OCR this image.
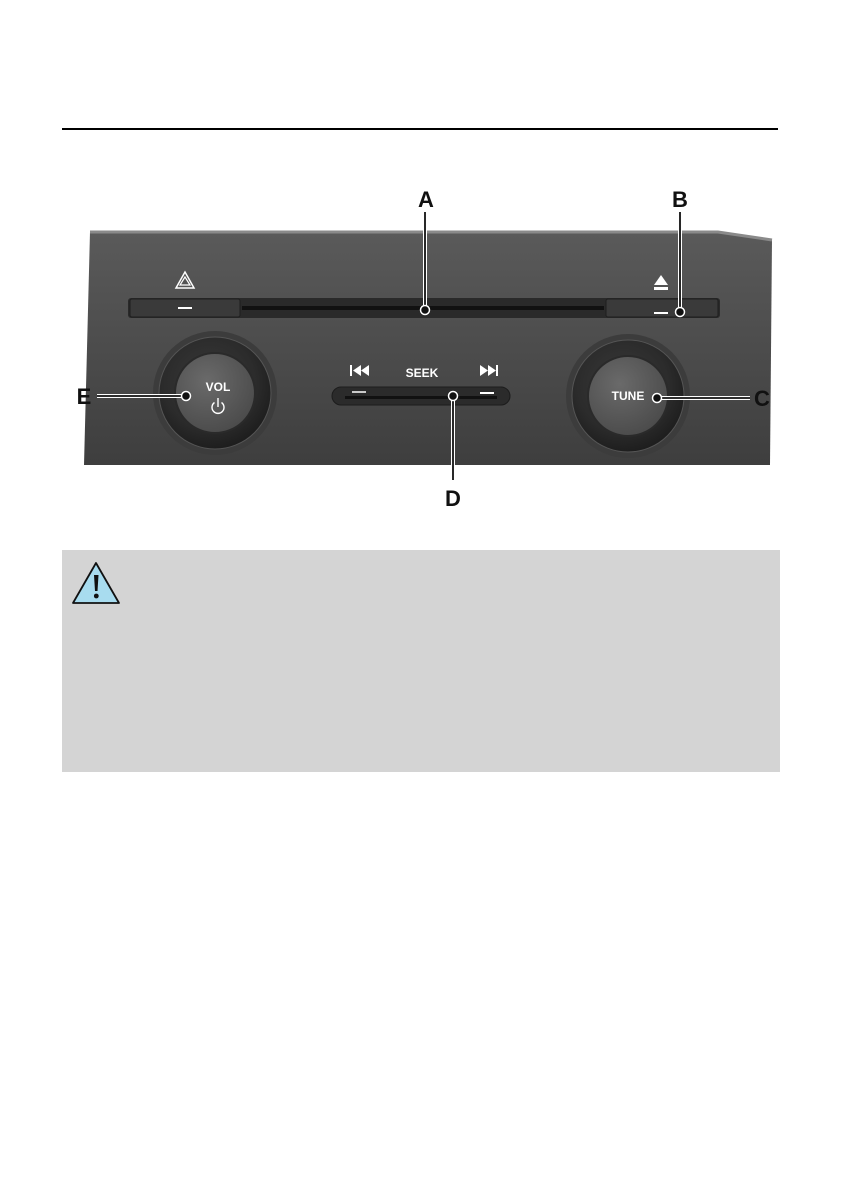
VOL
TUNE
SEEK
A	B
C
D
E
